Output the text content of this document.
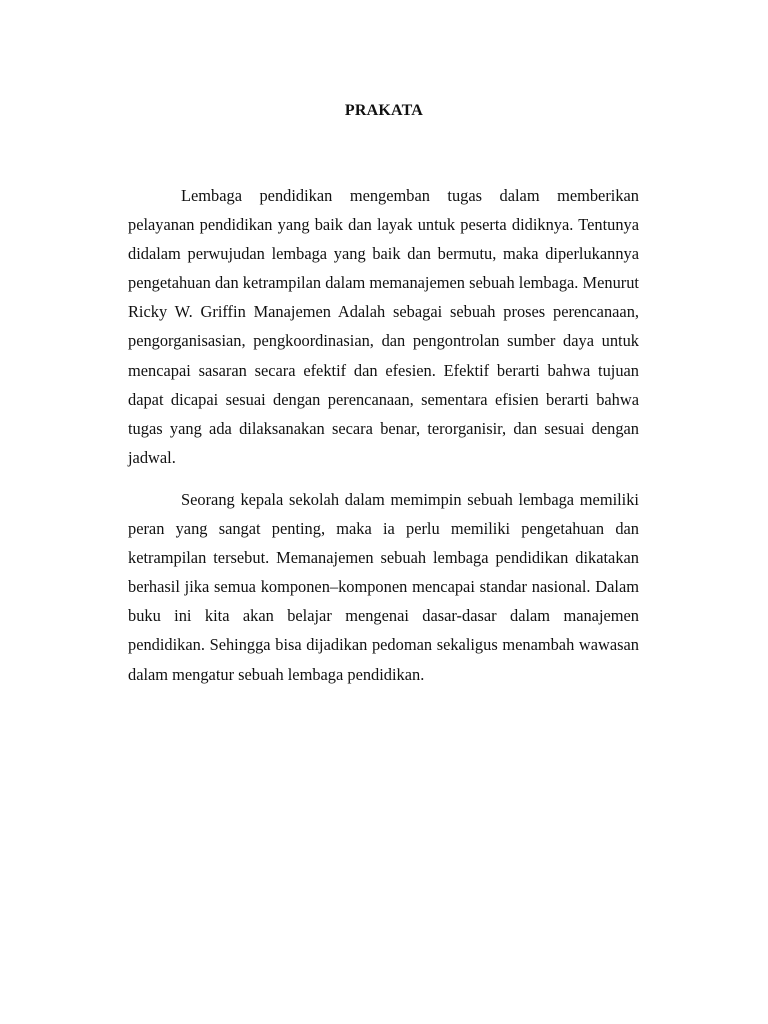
PRAKATA

Lembaga pendidikan mengemban tugas dalam memberikan pelayanan pendidikan yang baik dan layak untuk peserta didiknya. Tentunya didalam perwujudan lembaga yang baik dan bermutu, maka diperlukannya pengetahuan dan ketrampilan dalam memanajemen sebuah lembaga. Menurut Ricky W. Griffin Manajemen Adalah sebagai sebuah proses perencanaan, pengorganisasian, pengkoordinasian, dan pengontrolan sumber daya untuk mencapai sasaran secara efektif dan efesien. Efektif berarti bahwa tujuan dapat dicapai sesuai dengan perencanaan, sementara efisien berarti bahwa tugas yang ada dilaksanakan secara benar, terorganisir, dan sesuai dengan jadwal.

Seorang kepala sekolah dalam memimpin sebuah lembaga memiliki peran yang sangat penting, maka ia perlu memiliki pengetahuan dan ketrampilan tersebut. Memanajemen sebuah lembaga pendidikan dikatakan berhasil jika semua komponen–komponen mencapai standar nasional. Dalam buku ini kita akan belajar mengenai dasar-dasar dalam manajemen pendidikan. Sehingga bisa dijadikan pedoman sekaligus menambah wawasan dalam mengatur sebuah lembaga pendidikan.
